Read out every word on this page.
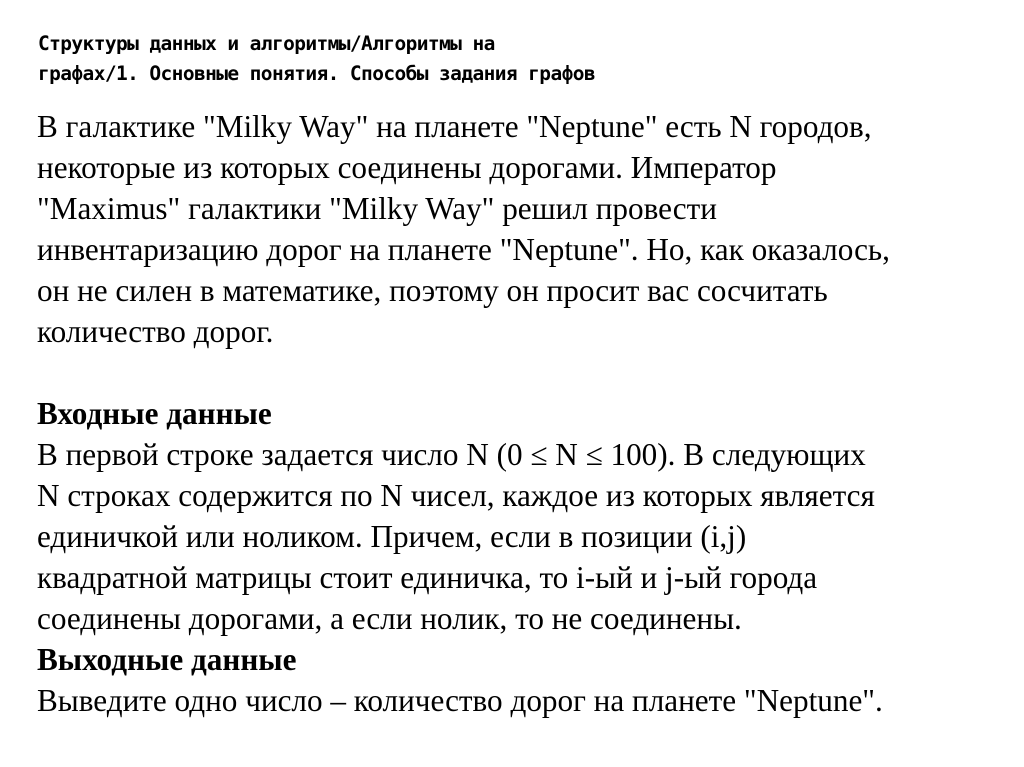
Структуры данных и алгоритмы/Алгоритмы на
графах/1. Основные понятия. Способы задания графов
В галактике "Milky Way" на планете "Neptune" есть N городов,
некоторые из которых соединены дорогами. Император
"Maximus" галактики "Milky Way" решил провести
инвентаризацию дорог на планете "Neptune". Но, как оказалось,
он не силен в математике, поэтому он просит вас сосчитать
количество дорог.
Входные данные
В первой строке задается число N (0 ≤ N ≤ 100). В следующих
N строках содержится по N чисел, каждое из которых является
единичкой или ноликом. Причем, если в позиции (i,j)
квадратной матрицы стоит единичка, то i-ый и j-ый города
соединены дорогами, а если нолик, то не соединены.
Выходные данные
Выведите одно число – количество дорог на планете "Neptune".
